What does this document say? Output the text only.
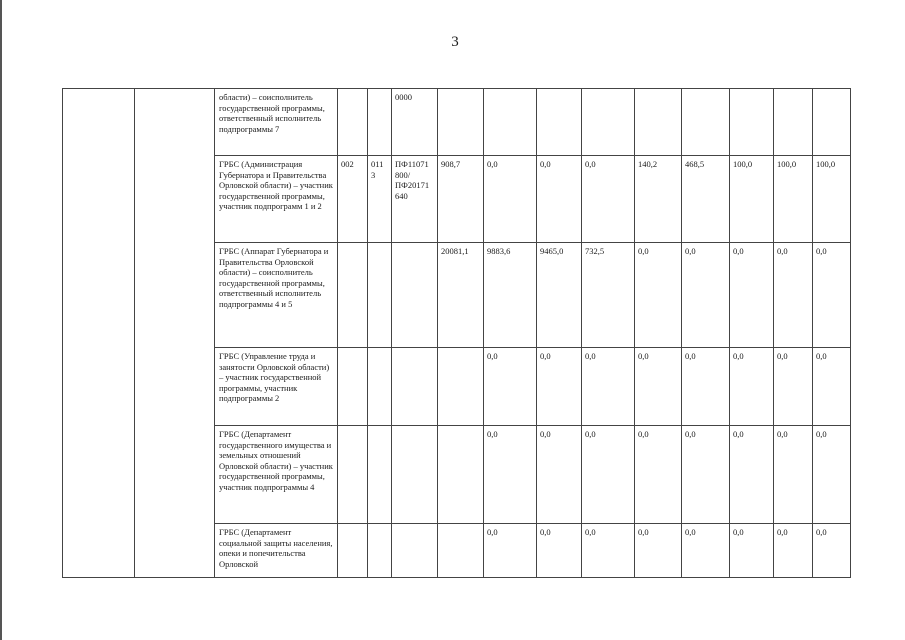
3
		области) – соисполнитель государственной программы, ответственный исполнитель подпрограммы 7			0000									
		ГРБС (Администрация Губернатора и Правительства Орловской области) – участник государственной программы, участник подпрограмм 1 и 2	002	011 3	ПФ11071 800/ ПФ20171 640	908,7	0,0	0,0	0,0	140,2	468,5	100,0	100,0	100,0
		ГРБС (Аппарат Губернатора и Правительства Орловской области) – соисполнитель государственной программы, ответственный исполнитель подпрограммы 4 и 5				20081,1	9883,6	9465,0	732,5	0,0	0,0	0,0	0,0	0,0
		ГРБС (Управление труда и занятости Орловской области) – участник государственной программы, участник подпрограммы 2					0,0	0,0	0,0	0,0	0,0	0,0	0,0	0,0
		ГРБС (Департамент государственного имущества и земельных отношений Орловской области) – участник государственной программы, участник подпрограммы 4					0,0	0,0	0,0	0,0	0,0	0,0	0,0	0,0
		ГРБС (Департамент социальной защиты населения, опеки и попечительства Орловской					0,0	0,0	0,0	0,0	0,0	0,0	0,0	0,0
